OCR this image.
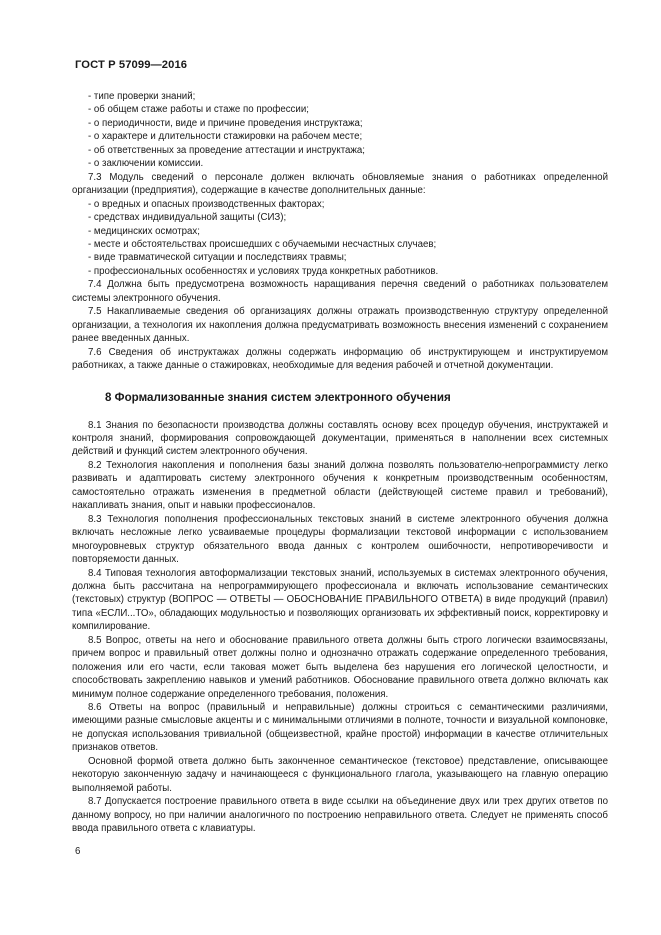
ГОСТ Р 57099—2016

- типе проверки знаний;

- об общем стаже работы и стаже по профессии;

- о периодичности, виде и причине проведения инструктажа;

- о характере и длительности стажировки на рабочем месте;

- об ответственных за проведение аттестации и инструктажа;

- о заключении комиссии.

7.3 Модуль сведений о персонале должен включать обновляемые знания о работниках определенной организации (предприятия), содержащие в качестве дополнительных данные:

- о вредных и опасных производственных факторах;

- средствах индивидуальной защиты (СИЗ);

- медицинских осмотрах;

- месте и обстоятельствах происшедших с обучаемыми несчастных случаев;

- виде травматической ситуации и последствиях травмы;

- профессиональных особенностях и условиях труда конкретных работников.

7.4 Должна быть предусмотрена возможность наращивания перечня сведений о работниках пользователем системы электронного обучения.

7.5 Накапливаемые сведения об организациях должны отражать производственную структуру определенной организации, а технология их накопления должна предусматривать возможность внесения изменений с сохранением ранее введенных данных.

7.6 Сведения об инструктажах должны содержать информацию об инструктирующем и инструктируемом работниках, а также данные о стажировках, необходимые для ведения рабочей и отчетной документации.

8 Формализованные знания систем электронного обучения

8.1 Знания по безопасности производства должны составлять основу всех процедур обучения, инструктажей и контроля знаний, формирования сопровождающей документации, применяться в наполнении всех системных действий и функций систем электронного обучения.

8.2 Технология накопления и пополнения базы знаний должна позволять пользователю-непрограммисту легко развивать и адаптировать систему электронного обучения к конкретным производственным особенностям, самостоятельно отражать изменения в предметной области (действующей системе правил и требований), накапливать знания, опыт и навыки профессионалов.

8.3 Технология пополнения профессиональных текстовых знаний в системе электронного обучения должна включать несложные легко усваиваемые процедуры формализации текстовой информации с использованием многоуровневых структур обязательного ввода данных с контролем ошибочности, непротиворечивости и повторяемости данных.

8.4 Типовая технология автоформализации текстовых знаний, используемых в системах электронного обучения, должна быть рассчитана на непрограммирующего профессионала и включать использование семантических (текстовых) структур (ВОПРОС — ОТВЕТЫ — ОБОСНОВАНИЕ ПРАВИЛЬНОГО ОТВЕТА) в виде продукций (правил) типа «ЕСЛИ...ТО», обладающих модульностью и позволяющих организовать их эффективный поиск, корректировку и компилирование.

8.5 Вопрос, ответы на него и обоснование правильного ответа должны быть строго логически взаимосвязаны, причем вопрос и правильный ответ должны полно и однозначно отражать содержание определенного требования, положения или его части, если таковая может быть выделена без нарушения его логической целостности, и способствовать закреплению навыков и умений работников. Обоснование правильного ответа должно включать как минимум полное содержание определенного требования, положения.

8.6 Ответы на вопрос (правильный и неправильные) должны строиться с семантическими различиями, имеющими разные смысловые акценты и с минимальными отличиями в полноте, точности и визуальной компоновке, не допуская использования тривиальной (общеизвестной, крайне простой) информации в качестве отличительных признаков ответов.

Основной формой ответа должно быть законченное семантическое (текстовое) представление, описывающее некоторую законченную задачу и начинающееся с функционального глагола, указывающего на главную операцию выполняемой работы.

8.7 Допускается построение правильного ответа в виде ссылки на объединение двух или трех других ответов по данному вопросу, но при наличии аналогичного по построению неправильного ответа. Следует не применять способ ввода правильного ответа с клавиатуры.

6
